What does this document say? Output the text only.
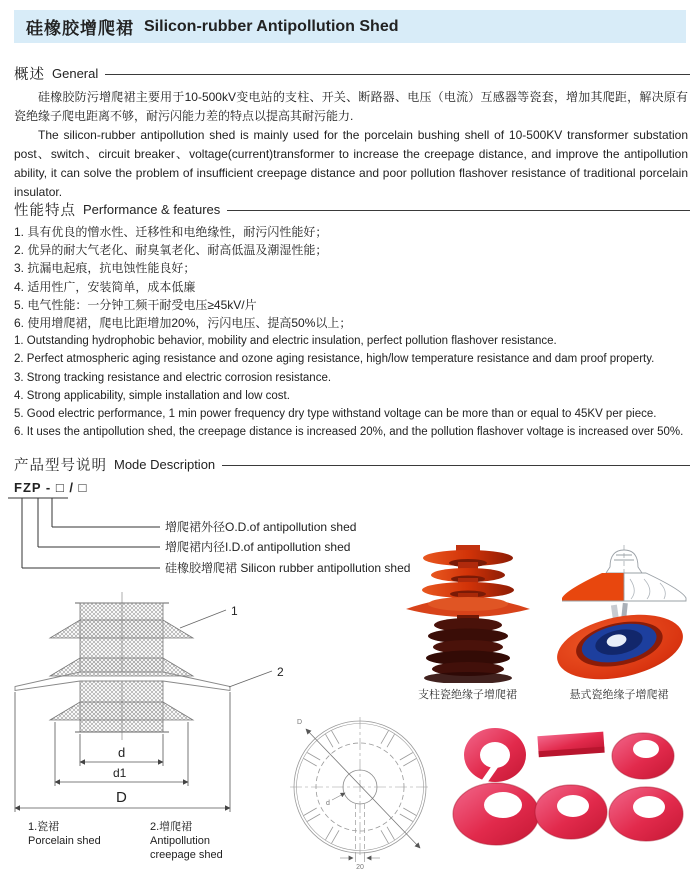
硅橡胶增爬裙 Silicon-rubber Antipollution Shed
概述 General

硅橡胶防污增爬裙主要用于10-500kV变电站的支柱、开关、断路器、电压（电流）互感器等瓷套，增加其爬距，解决原有瓷绝缘子爬电距离不够，耐污闪能力差的特点以提高其耐污能力.

The silicon-rubber antipollution shed is mainly used for the porcelain bushing shell of 10-500KV transformer substation post、switch、circuit breaker、voltage(current)transformer to increase the creepage distance, and improve the antipollution ability, it can solve the problem of insufficient creepage distance and poor pollution flashover resistance of traditional porcelain insulator.

性能特点 Performance & features
1. 具有优良的憎水性、迁移性和电绝缘性，耐污闪性能好；
2. 优异的耐大气老化、耐臭氧老化、耐高低温及潮湿性能；
3. 抗漏电起痕，抗电蚀性能良好；
4. 适用性广，安装简单，成本低廉
5. 电气性能：一分钟工频干耐受电压≥45kV/片
6. 使用增爬裙，爬电比距增加20%，污闪电压、提高50%以上；
1. Outstanding hydrophobic behavior, mobility and electric insulation, perfect pollution flashover resistance.
2. Perfect atmospheric aging resistance and ozone aging resistance, high/low temperature resistance and dam proof property.
3. Strong tracking resistance and electric corrosion resistance.
4. Strong applicability, simple installation and low cost.
5. Good electric performance, 1 min power frequency dry type withstand voltage can be more than or equal to 45KV per piece.
6. It uses the antipollution shed, the creepage distance is increased 20%, and the pollution flashover voltage is increased over 50%.
产品型号说明 Mode Description
FZP - □ / □
增爬裙外径O.D.of antipollution shed
增爬裙内径I.D.of antipollution shed
硅橡胶增爬裙 Silicon rubber antipollution shed
d
d1
D
1
2
1.瓷裙
Porcelain shed
2.增爬裙
Antipollution
creepage shed
支柱瓷绝缘子增爬裙	悬式瓷绝缘子增爬裙
D
d
20
